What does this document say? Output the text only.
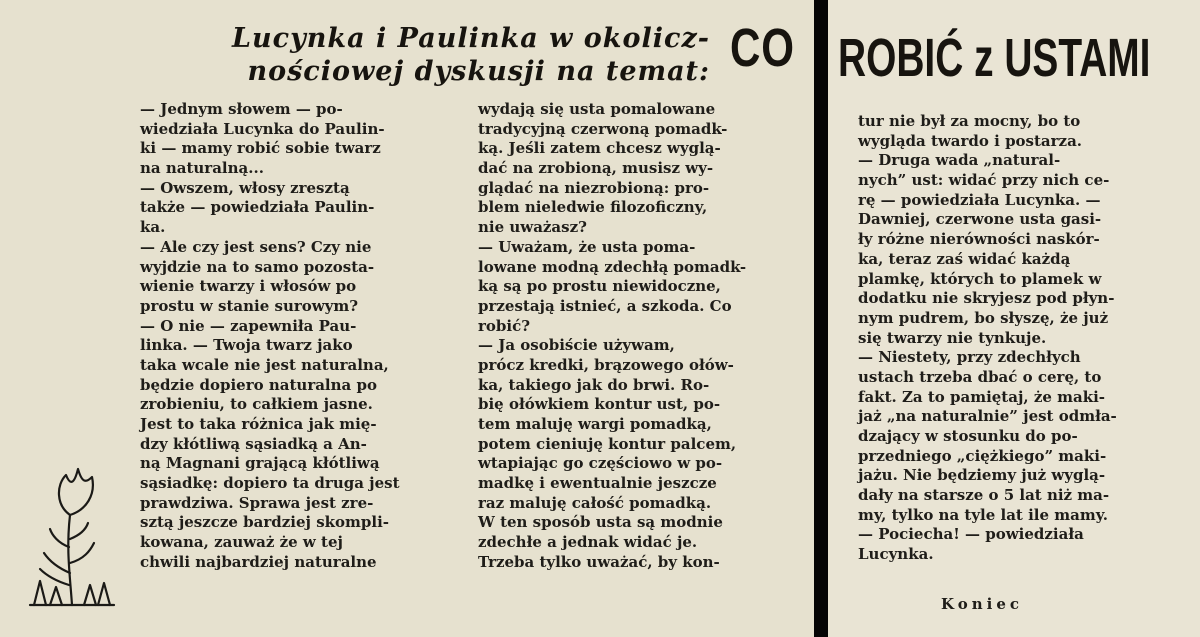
Lucynka i Paulinka w okolicz-
nościowej dyskusji na temat: CO
— Jednym słowem — po-
wiedziała Lucynka do Paulin-
ki — mamy robić sobie twarz
na naturalną...
— Owszem, włosy zresztą
także — powiedziała Paulin-
ka.
— Ale czy jest sens? Czy nie
wyjdzie na to samo pozosta-
wienie twarzy i włosów po
prostu w stanie surowym?
— O nie — zapewniła Pau-
linka. — Twoja twarz jako
taka wcale nie jest naturalna,
będzie dopiero naturalna po
zrobieniu, to całkiem jasne.
Jest to taka różnica jak mię-
dzy kłótliwą sąsiadką a An-
ną Magnani grającą kłótliwą
sąsiadkę: dopiero ta druga jest
prawdziwa. Sprawa jest zre-
sztą jeszcze bardziej skompli-
kowana, zauważ że w tej
chwili najbardziej naturalne
wydają się usta pomalowane
tradycyjną czerwoną pomadk-
ką. Jeśli zatem chcesz wyglą-
dać na zrobioną, musisz wy-
glądać na niezrobioną: pro-
blem nieledwie filozoficzny,
nie uważasz?
— Uważam, że usta poma-
lowane modną zdechłą pomadk-
ką są po prostu niewidoczne,
przestają istnieć, a szkoda. Co
robić?
— Ja osobiście używam,
prócz kredki, brązowego ołów-
ka, takiego jak do brwi. Ro-
bię ołówkiem kontur ust, po-
tem maluję wargi pomadką,
potem cieniuję kontur palcem,
wtapiając go częściowo w po-
madkę i ewentualnie jeszcze
raz maluję całość pomadką.
W ten sposób usta są modnie
zdechłe a jednak widać je.
Trzeba tylko uważać, by kon-
ROBIĆ z USTAMI
tur nie był za mocny, bo to
wygląda twardo i postarza.
— Druga wada „natural-
nych” ust: widać przy nich ce-
rę — powiedziała Lucynka. —
Dawniej, czerwone usta gasi-
ły różne nierówności naskór-
ka, teraz zaś widać każdą
plamkę, których to plamek w
dodatku nie skryjesz pod płyn-
nym pudrem, bo słyszę, że już
się twarzy nie tynkuje.
— Niestety, przy zdechłych
ustach trzeba dbać o cerę, to
fakt. Za to pamiętaj, że maki-
jaż „na naturalnie” jest odmła-
dzający w stosunku do po-
przedniego „ciężkiego” maki-
jażu. Nie będziemy już wyglą-
dały na starsze o 5 lat niż ma-
my, tylko na tyle lat ile mamy.
— Pociecha! — powiedziała
Lucynka.
Koniec
